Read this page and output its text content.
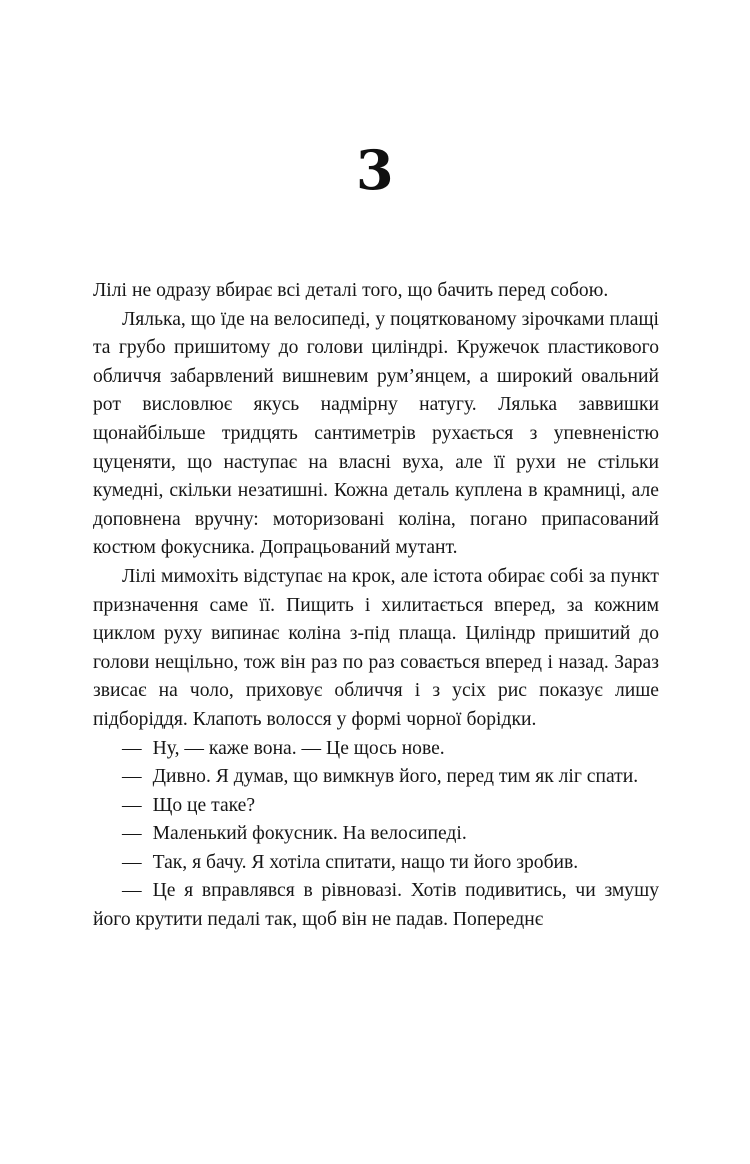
3

Лілі не одразу вбирає всі деталі того, що бачить перед собою.

Лялька, що їде на велосипеді, у поцяткованому зірочками плащі та грубо пришитому до голови циліндрі. Кружечок пластикового обличчя забарвлений вишневим рум’янцем, а широкий овальний рот висловлює якусь надмірну натугу. Лялька заввишки щонайбільше тридцять сантиметрів рухається з упевненістю цуценяти, що наступає на власні вуха, але її рухи не стільки кумедні, скільки незатишні. Кожна деталь куплена в крамниці, але доповнена вручну: моторизовані коліна, погано припасований костюм фокусника. Допрацьований мутант.

Лілі мимохіть відступає на крок, але істота обирає собі за пункт призначення саме її. Пищить і хилитається вперед, за кожним циклом руху випинає коліна з-під плаща. Циліндр пришитий до голови нещільно, тож він раз по раз совається вперед і назад. Зараз звисає на чоло, приховує обличчя і з усіх рис показує лише підборіддя. Клапоть волосся у формі чорної борідки.

— Ну, — каже вона. — Це щось нове.

— Дивно. Я думав, що вимкнув його, перед тим як ліг спати.

— Що це таке?

— Маленький фокусник. На велосипеді.

— Так, я бачу. Я хотіла спитати, нащо ти його зробив.

— Це я вправлявся в рівновазі. Хотів подивитись, чи змушу його крутити педалі так, щоб він не падав. Попереднє
